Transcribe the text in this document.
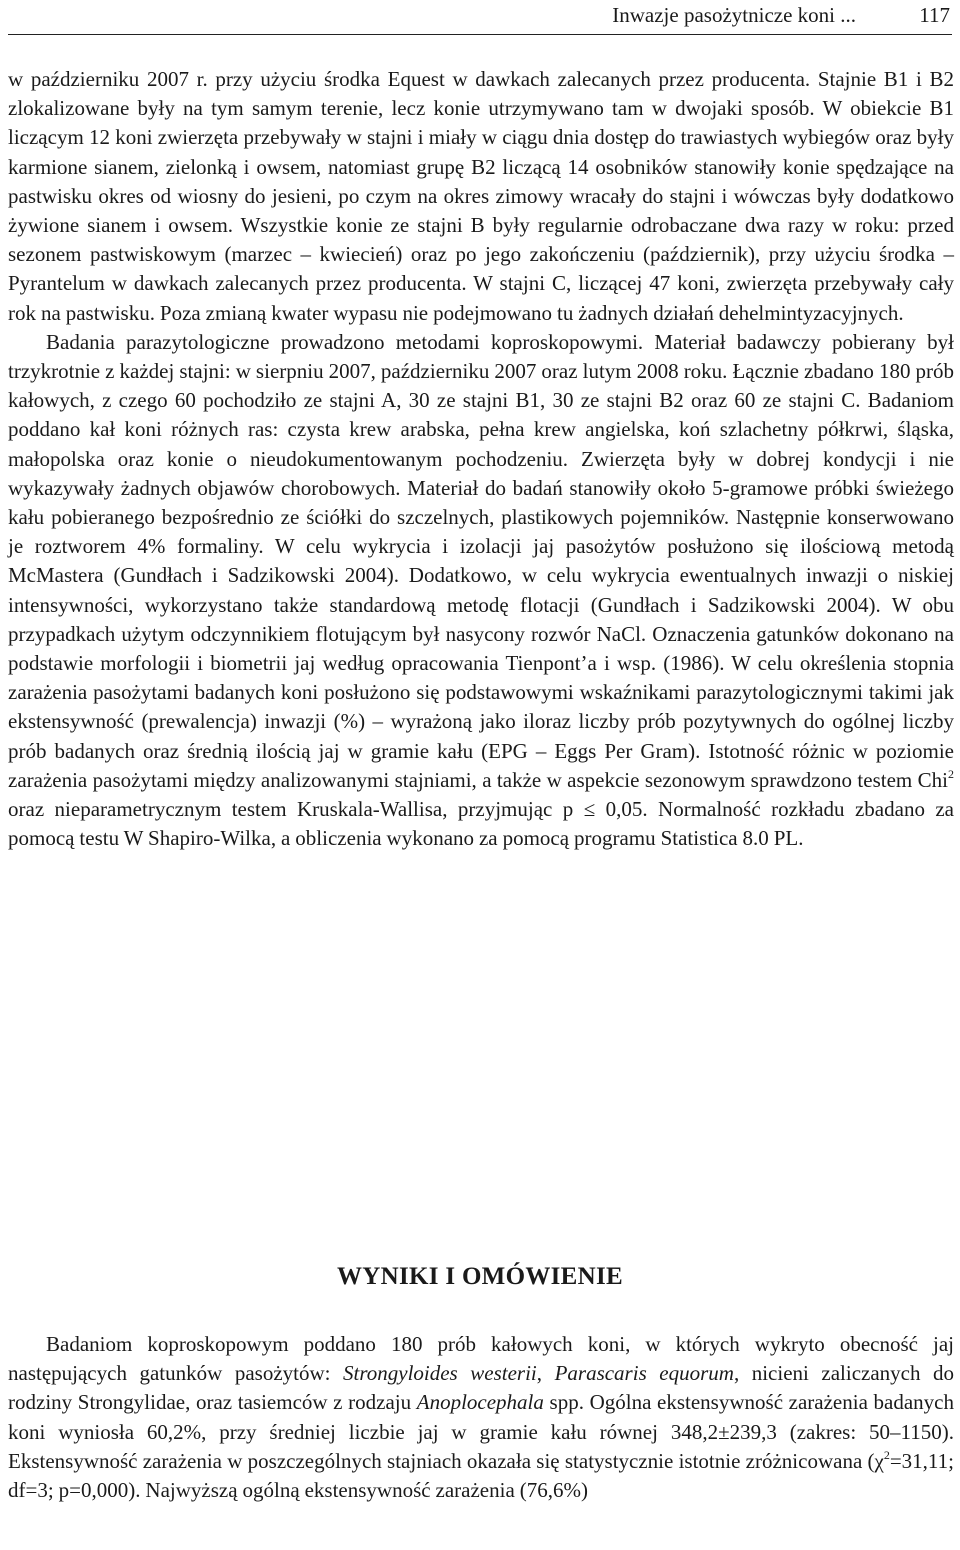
Inwazje pasożytnicze koni ...	117

w październiku 2007 r. przy użyciu środka Equest w dawkach zalecanych przez producenta. Stajnie B1 i B2 zlokalizowane były na tym samym terenie, lecz konie utrzymywano tam w dwojaki sposób. W obiekcie B1 liczącym 12 koni zwierzęta przebywały w stajni i miały w ciągu dnia dostęp do trawiastych wybiegów oraz były karmione sianem, zielonką i owsem, natomiast grupę B2 liczącą 14 osobników stanowiły konie spędzające na pastwisku okres od wiosny do jesieni, po czym na okres zimowy wracały do stajni i wówczas były dodatkowo żywione sianem i owsem. Wszystkie konie ze stajni B były regularnie odrobaczane dwa razy w roku: przed sezonem pastwiskowym (marzec – kwiecień) oraz po jego zakończeniu (październik), przy użyciu środka – Pyrantelum w dawkach zalecanych przez producenta. W stajni C, liczącej 47 koni, zwierzęta przebywały cały rok na pastwisku. Poza zmianą kwater wypasu nie podejmowano tu żadnych działań dehelmintyzacyjnych.

Badania parazytologiczne prowadzono metodami koproskopowymi. Materiał badawczy pobierany był trzykrotnie z każdej stajni: w sierpniu 2007, październiku 2007 oraz lutym 2008 roku. Łącznie zbadano 180 prób kałowych, z czego 60 pochodziło ze stajni A, 30 ze stajni B1, 30 ze stajni B2 oraz 60 ze stajni C. Badaniom poddano kał koni różnych ras: czysta krew arabska, pełna krew angielska, koń szlachetny półkrwi, śląska, małopolska oraz konie o nieudokumentowanym pochodzeniu. Zwierzęta były w dobrej kondycji i nie wykazywały żadnych objawów chorobowych. Materiał do badań stanowiły około 5-gramowe próbki świeżego kału pobieranego bezpośrednio ze ściółki do szczelnych, plastikowych pojemników. Następnie konserwowano je roztworem 4% formaliny. W celu wykrycia i izolacji jaj pasożytów posłużono się ilościową metodą McMastera (Gundłach i Sadzikowski 2004). Dodatkowo, w celu wykrycia ewentualnych inwazji o niskiej intensywności, wykorzystano także standardową metodę flotacji (Gundłach i Sadzikowski 2004). W obu przypadkach użytym odczynnikiem flotującym był nasycony rozwór NaCl. Oznaczenia gatunków dokonano na podstawie morfologii i biometrii jaj według opracowania Tienpont’a i wsp. (1986). W celu określenia stopnia zarażenia pasożytami badanych koni posłużono się podstawowymi wskaźnikami parazytologicznymi takimi jak ekstensywność (prewalencja) inwazji (%) – wyrażoną jako iloraz liczby prób pozytywnych do ogólnej liczby prób badanych oraz średnią ilością jaj w gramie kału (EPG – Eggs Per Gram). Istotność różnic w poziomie zarażenia pasożytami między analizowanymi stajniami, a także w aspekcie sezonowym sprawdzono testem Chi$^2$ oraz nieparametrycznym testem Kruskala-Wallisa, przyjmując p ≤ 0,05. Normalność rozkładu zbadano za pomocą testu W Shapiro-Wilka, a obliczenia wykonano za pomocą programu Statistica 8.0 PL.

WYNIKI I OMÓWIENIE

Badaniom koproskopowym poddano 180 prób kałowych koni, w których wykryto obecność jaj następujących gatunków pasożytów: Strongyloides westerii, Parascaris equorum, nicieni zaliczanych do rodziny Strongylidae, oraz tasiemców z rodzaju Anoplocephala spp. Ogólna ekstensywność zarażenia badanych koni wyniosła 60,2%, przy średniej liczbie jaj w gramie kału równej 348,2±239,3 (zakres: 50–1150). Ekstensywność zarażenia w poszczególnych stajniach okazała się statystycznie istotnie zróżnicowana ($\chi^2=31,11$; df=3; p=0,000). Najwyższą ogólną ekstensywność zarażenia (76,6%)
